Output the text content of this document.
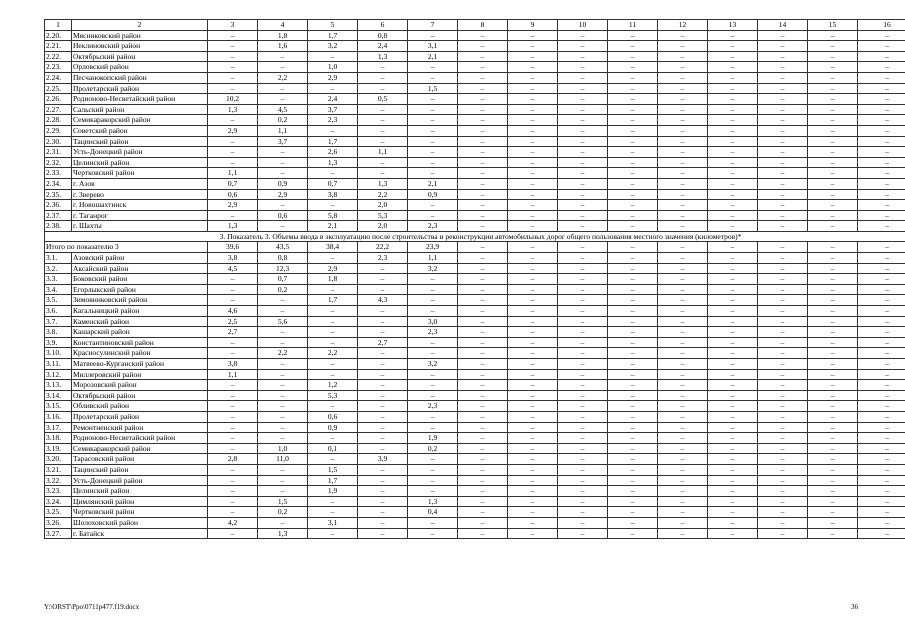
1	2	3	4	5	6	7	8	9	10	11	12	13	14	15	16
2.20.	Мясниковский район	–	1,8	1,7	0,8	–	–	–	–	–	–	–	–	–	–
2.21.	Неклиновский район	–	1,6	3,2	2,4	3,1	–	–	–	–	–	–	–	–	–
2.22.	Октябрьский район	–	–	–	1,3	2,1	–	–	–	–	–	–	–	–	–
2.23.	Орловский район	–	–	1,0	–	–	–	–	–	–	–	–	–	–	–
2.24.	Песчанокопский район	–	2,2	2,9	–	–	–	–	–	–	–	–	–	–	–
2.25.	Пролетарский район	–	–	–	–	1,5	–	–	–	–	–	–	–	–	–
2.26.	Родионово-Несветайский район	10,2	–	2,4	0,5	–	–	–	–	–	–	–	–	–	–
2.27.	Сальский район	1,3	4,5	3,7	–	–	–	–	–	–	–	–	–	–	–
2.28.	Семикаракорский район	–	0,2	2,3	–	–	–	–	–	–	–	–	–	–	–
2.29.	Советский район	2,9	1,1	–	–	–	–	–	–	–	–	–	–	–	–
2.30.	Тацинский район	–	3,7	1,7	–	–	–	–	–	–	–	–	–	–	–
2.31.	Усть-Донецкий район	–	–	2,6	1,1	–	–	–	–	–	–	–	–	–	–
2.32.	Целинский район	–	–	1,3	–	–	–	–	–	–	–	–	–	–	–
2.33.	Чертковский район	1,1	–	–	–	–	–	–	–	–	–	–	–	–	–
2.34.	г. Азов	0,7	0,9	0,7	1,3	2,1	–	–	–	–	–	–	–	–	–
2.35.	г. Зверево	0,6	2,9	3,8	2,2	0,9	–	–	–	–	–	–	–	–	–
2.36.	г. Новошахтинск	2,9	–	–	2,0	–	–	–	–	–	–	–	–	–	–
2.37.	г. Таганрог	–	0,6	5,8	5,3	–	–	–	–	–	–	–	–	–	–
2.38.	г. Шахты	1,3	–	2,1	2,0	2,3	–	–	–	–	–	–	–	–	–
3. Показатель 3. Объемы ввода в эксплуатацию после строительства и реконструкции автомобильных дорог общего пользования местного значения (километров)*															
Итого по показателю 3		39,6	43,5	38,4	22,2	23,9	–	–	–	–	–	–	–	–	–
3.1.	Азовский район	3,8	0,8	–	2,3	1,1	–	–	–	–	–	–	–	–	–
3.2.	Аксайский район	4,5	12,3	2,9	–	3,2	–	–	–	–	–	–	–	–	–
3.3.	Боковский район	–	0,7	1,8	–	–	–	–	–	–	–	–	–	–	–
3.4.	Егорлыкский район	–	0,2	–	–	–	–	–	–	–	–	–	–	–	–
3.5.	Зимовниковский район	–	–	1,7	4,3	–	–	–	–	–	–	–	–	–	–
3.6.	Кагальницкий район	4,6	–	–	–	–	–	–	–	–	–	–	–	–	–
3.7.	Каменский район	2,5	5,6	–	–	3,0	–	–	–	–	–	–	–	–	–
3.8.	Кашарский район	2,7	–	–	–	2,3	–	–	–	–	–	–	–	–	–
3.9.	Константиновский район	–	–	–	2,7	–	–	–	–	–	–	–	–	–	–
3.10.	Красносулинский район	–	2,2	2,2	–	–	–	–	–	–	–	–	–	–	–
3.11.	Матвеево-Курганский район	3,8	–	–	–	3,2	–	–	–	–	–	–	–	–	–
3.12.	Миллеровский район	1,1	–	–	–	–	–	–	–	–	–	–	–	–	–
3.13.	Морозовский район	–	–	1,2	–	–	–	–	–	–	–	–	–	–	–
3.14.	Октябрьский район	–	–	5,3	–	–	–	–	–	–	–	–	–	–	–
3.15.	Обливский район	–	–	–	–	2,3	–	–	–	–	–	–	–	–	–
3.16.	Пролетарский район	–	–	0,6	–	–	–	–	–	–	–	–	–	–	–
3.17.	Ремонтненский район	–	–	0,9	–	–	–	–	–	–	–	–	–	–	–
3.18.	Родионово-Несветайский район	–	–	–	–	1,9	–	–	–	–	–	–	–	–	–
3.19.	Семикаракорский район	–	1,0	0,1	–	0,2	–	–	–	–	–	–	–	–	–
3.20.	Тарасовский район	2,8	11,0	–	3,9	–	–	–	–	–	–	–	–	–	–
3.21.	Тацинский район	–	–	1,5	–	–	–	–	–	–	–	–	–	–	–
3.22.	Усть-Донецкий район	–	–	1,7	–	–	–	–	–	–	–	–	–	–	–
3.23.	Целинский район	–	–	1,9	–	–	–	–	–	–	–	–	–	–	–
3.24.	Цимлянский район	–	1,5	–	–	1,3	–	–	–	–	–	–	–	–	–
3.25.	Чертковский район	–	0,2	–	–	0,4	–	–	–	–	–	–	–	–	–
3.26.	Шолоховский район	4,2	–	3,1	–	–	–	–	–	–	–	–	–	–	–
3.27.	г. Батайск	–	1,3	–	–	–	–	–	–	–	–	–	–	–	–
Y:\ORST\Ppo\0711p477.f19.docx	36
